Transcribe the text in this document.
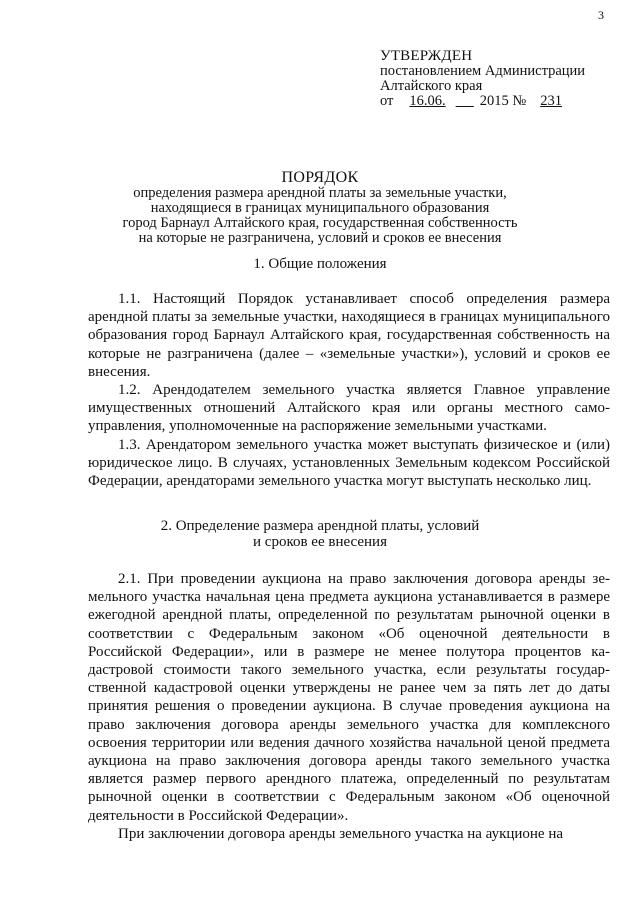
3
УТВЕРЖДЕН
постановлением Администрации
Алтайского края
от 16.06. 2015 № 231
ПОРЯДОК
определения размера арендной платы за земельные участки,
находящиеся в границах муниципального образования
город Барнаул Алтайского края, государственная собственность
на которые не разграничена, условий и сроков ее внесения
1. Общие положения

1.1. Настоящий Порядок устанавливает способ определения размера арендной платы за земельные участки, находящиеся в границах муниципального образования город Барнаул Алтайского края, государственная собственность на которые не разграничена (далее – «земельные участки»), условий и сроков ее внесения.

1.2. Арендодателем земельного участка является Главное управление имущественных отношений Алтайского края или органы местного самоуправления, уполномоченные на распоряжение земельными участками.

1.3. Арендатором земельного участка может выступать физическое и (или) юридическое лицо. В случаях, установленных Земельным кодексом Российской Федерации, арендаторами земельного участка могут выступать несколько лиц.

2. Определение размера арендной платы, условий
и сроков ее внесения

2.1. При проведении аукциона на право заключения договора аренды земельного участка начальная цена предмета аукциона устанавливается в размере ежегодной арендной платы, определенной по результатам рыночной оценки в соответствии с Федеральным законом «Об оценочной деятельности в Российской Федерации», или в размере не менее полутора процентов кадастровой стоимости такого земельного участка, если результаты государственной кадастровой оценки утверждены не ранее чем за пять лет до даты принятия решения о проведении аукциона. В случае проведения аукциона на право заключения договора аренды земельного участка для комплексного освоения территории или ведения дачного хозяйства начальной ценой предмета аукциона на право заключения договора аренды такого земельного участка является размер первого арендного платежа, определенный по результатам рыночной оценки в соответствии с Федеральным законом «Об оценочной деятельности в Российской Федерации».

При заключении договора аренды земельного участка на аукционе на
